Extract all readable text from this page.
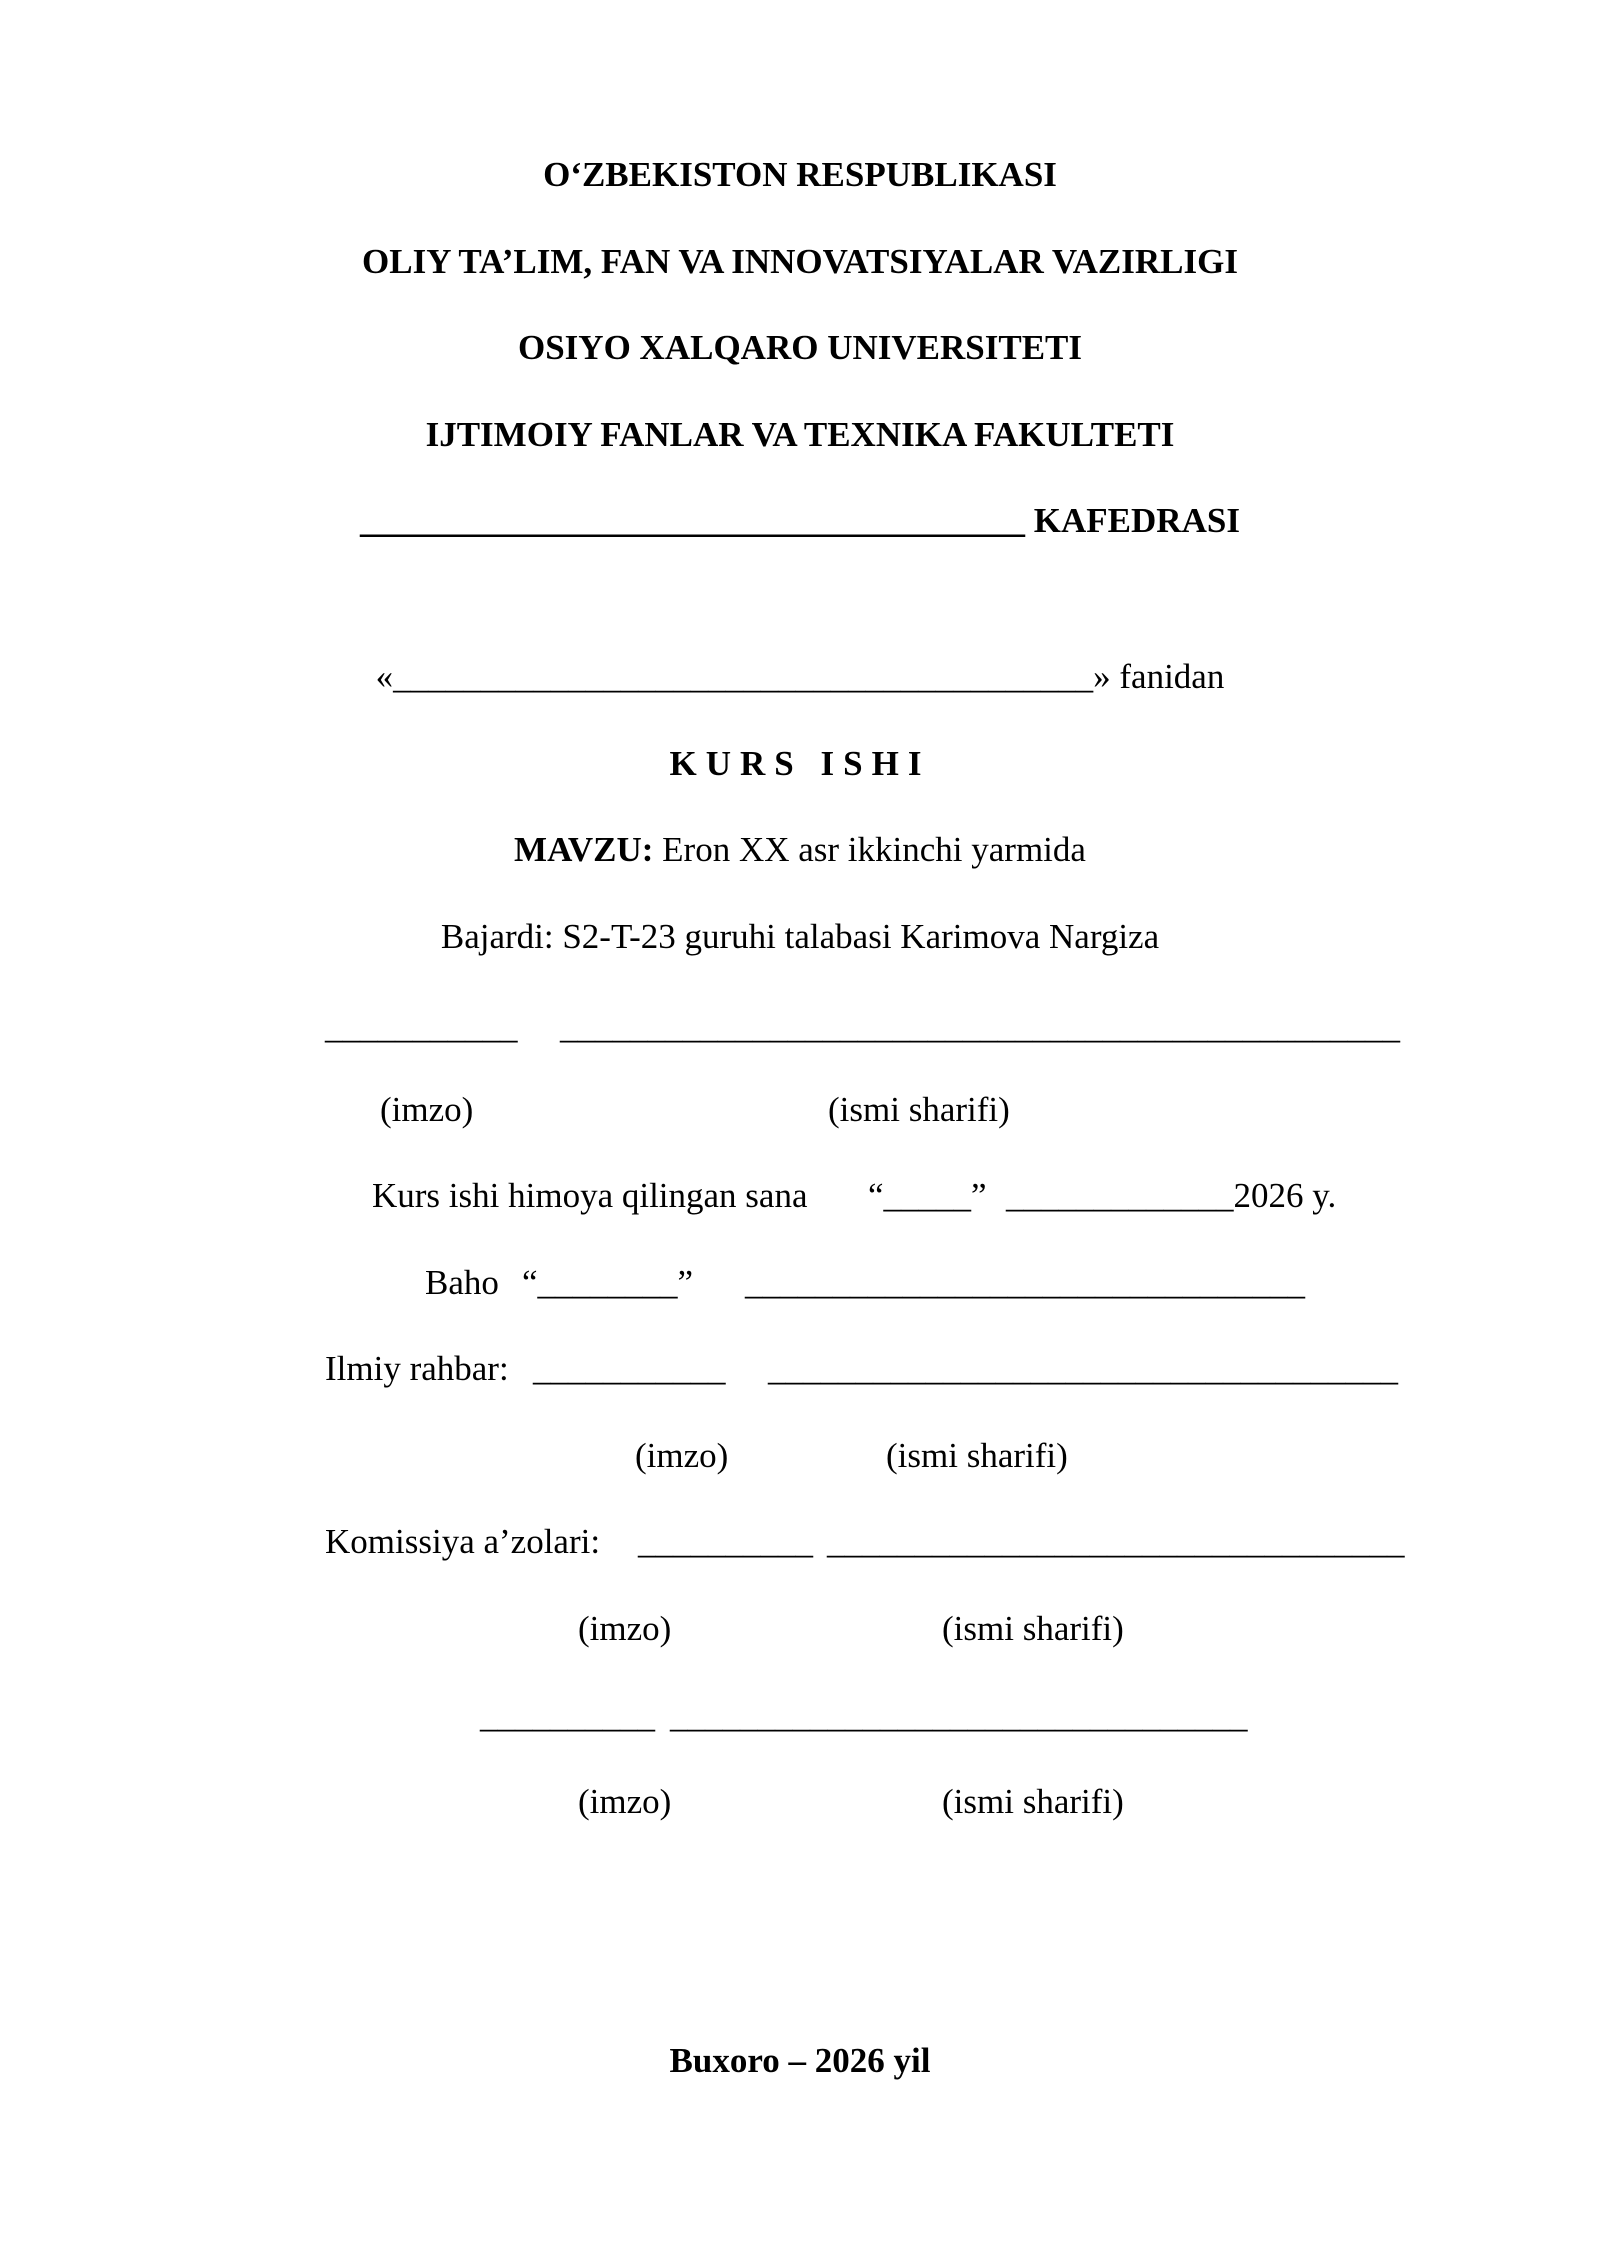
O‘ZBEKISTON RESPUBLIKASI
OLIY TA’LIM, FAN VA INNOVATSIYALAR VAZIRLIGI
OSIYO XALQARO UNIVERSITETI
IJTIMOIY FANLAR VA TEXNIKA FAKULTETI
______________________________________ KAFEDRASI
«________________________________________» fanidan
KURS ISHI
MAVZU: Eron XX asr ikkinchi yarmida
Bajardi: S2-T-23 guruhi talabasi Karimova Nargiza
___________ ________________________________________________
(imzo)	(ismi sharifi)
Kurs ishi himoya qilingan sana “_____” _____________2026 y.
Baho “________” ________________________________
Ilmiy rahbar: ___________ ____________________________________
(imzo)	(ismi sharifi)
Komissiya a’zolari: __________ _________________________________
(imzo)	(ismi sharifi)
__________ _________________________________
(imzo)	(ismi sharifi)
Buxoro – 2026 yil
